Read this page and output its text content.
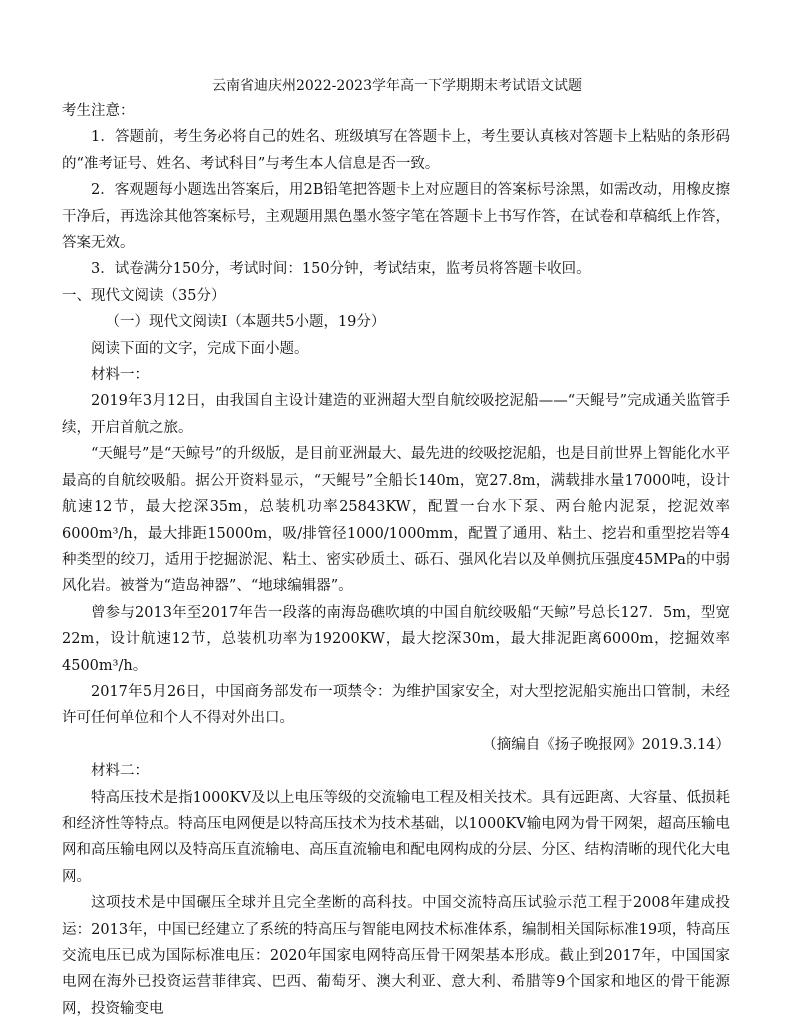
云南省迪庆州2022-2023学年高一下学期期末考试语文试题

考生注意：

1．答题前，考生务必将自己的姓名、班级填写在答题卡上，考生要认真核对答题卡上粘贴的条形码的“准考证号、姓名、考试科目”与考生本人信息是否一致。

2．客观题每小题选出答案后，用2B铅笔把答题卡上对应题目的答案标号涂黑，如需改动，用橡皮擦干净后，再选涂其他答案标号，主观题用黑色墨水签字笔在答题卡上书写作答，在试卷和草稿纸上作答，答案无效。

3．试卷满分150分，考试时间：150分钟，考试结束，监考员将答题卡收回。

一、现代文阅读（35分）

（一）现代文阅读Ⅰ（本题共5小题，19分）

阅读下面的文字，完成下面小题。

材料一：

2019年3月12日，由我国自主设计建造的亚洲超大型自航绞吸挖泥船——“天鲲号”完成通关监管手续，开启首航之旅。

“天鲲号”是“天鲸号”的升级版，是目前亚洲最大、最先进的绞吸挖泥船，也是目前世界上智能化水平最高的自航绞吸船。据公开资料显示，“天鲲号”全船长140m，宽27.8m，满载排水量17000吨，设计航速12节，最大挖深35m，总装机功率25843KW，配置一台水下泵、两台舱内泥泵，挖泥效率6000m³/h，最大排距15000m，吸/排管径1000/1000mm，配置了通用、粘土、挖岩和重型挖岩等4种类型的绞刀，适用于挖掘淤泥、粘土、密实砂质土、砾石、强风化岩以及单侧抗压强度45MPa的中弱风化岩。被誉为“造岛神器”、“地球编辑器”。

曾参与2013年至2017年告一段落的南海岛礁吹填的中国自航绞吸船“天鲸”号总长127．5m，型宽22m，设计航速12节，总装机功率为19200KW，最大挖深30m，最大排泥距离6000m，挖掘效率4500m³/h。

2017年5月26日，中国商务部发布一项禁令：为维护国家安全，对大型挖泥船实施出口管制，未经许可任何单位和个人不得对外出口。

（摘编自《扬子晚报网》2019.3.14）

材料二：

特高压技术是指1000KV及以上电压等级的交流输电工程及相关技术。具有远距离、大容量、低损耗和经济性等特点。特高压电网便是以特高压技术为技术基础，以1000KV输电网为骨干网架，超高压输电网和高压输电网以及特高压直流输电、高压直流输电和配电网构成的分层、分区、结构清晰的现代化大电网。

这项技术是中国碾压全球并且完全垄断的高科技。中国交流特高压试验示范工程于2008年建成投运：2013年，中国已经建立了系统的特高压与智能电网技术标准体系，编制相关国际标准19项，特高压交流电压已成为国际标准电压：2020年国家电网特高压骨干网架基本形成。截止到2017年，中国国家电网在海外已投资运营菲律宾、巴西、葡萄牙、澳大利亚、意大利、希腊等9个国家和地区的骨干能源网，投资输变电
